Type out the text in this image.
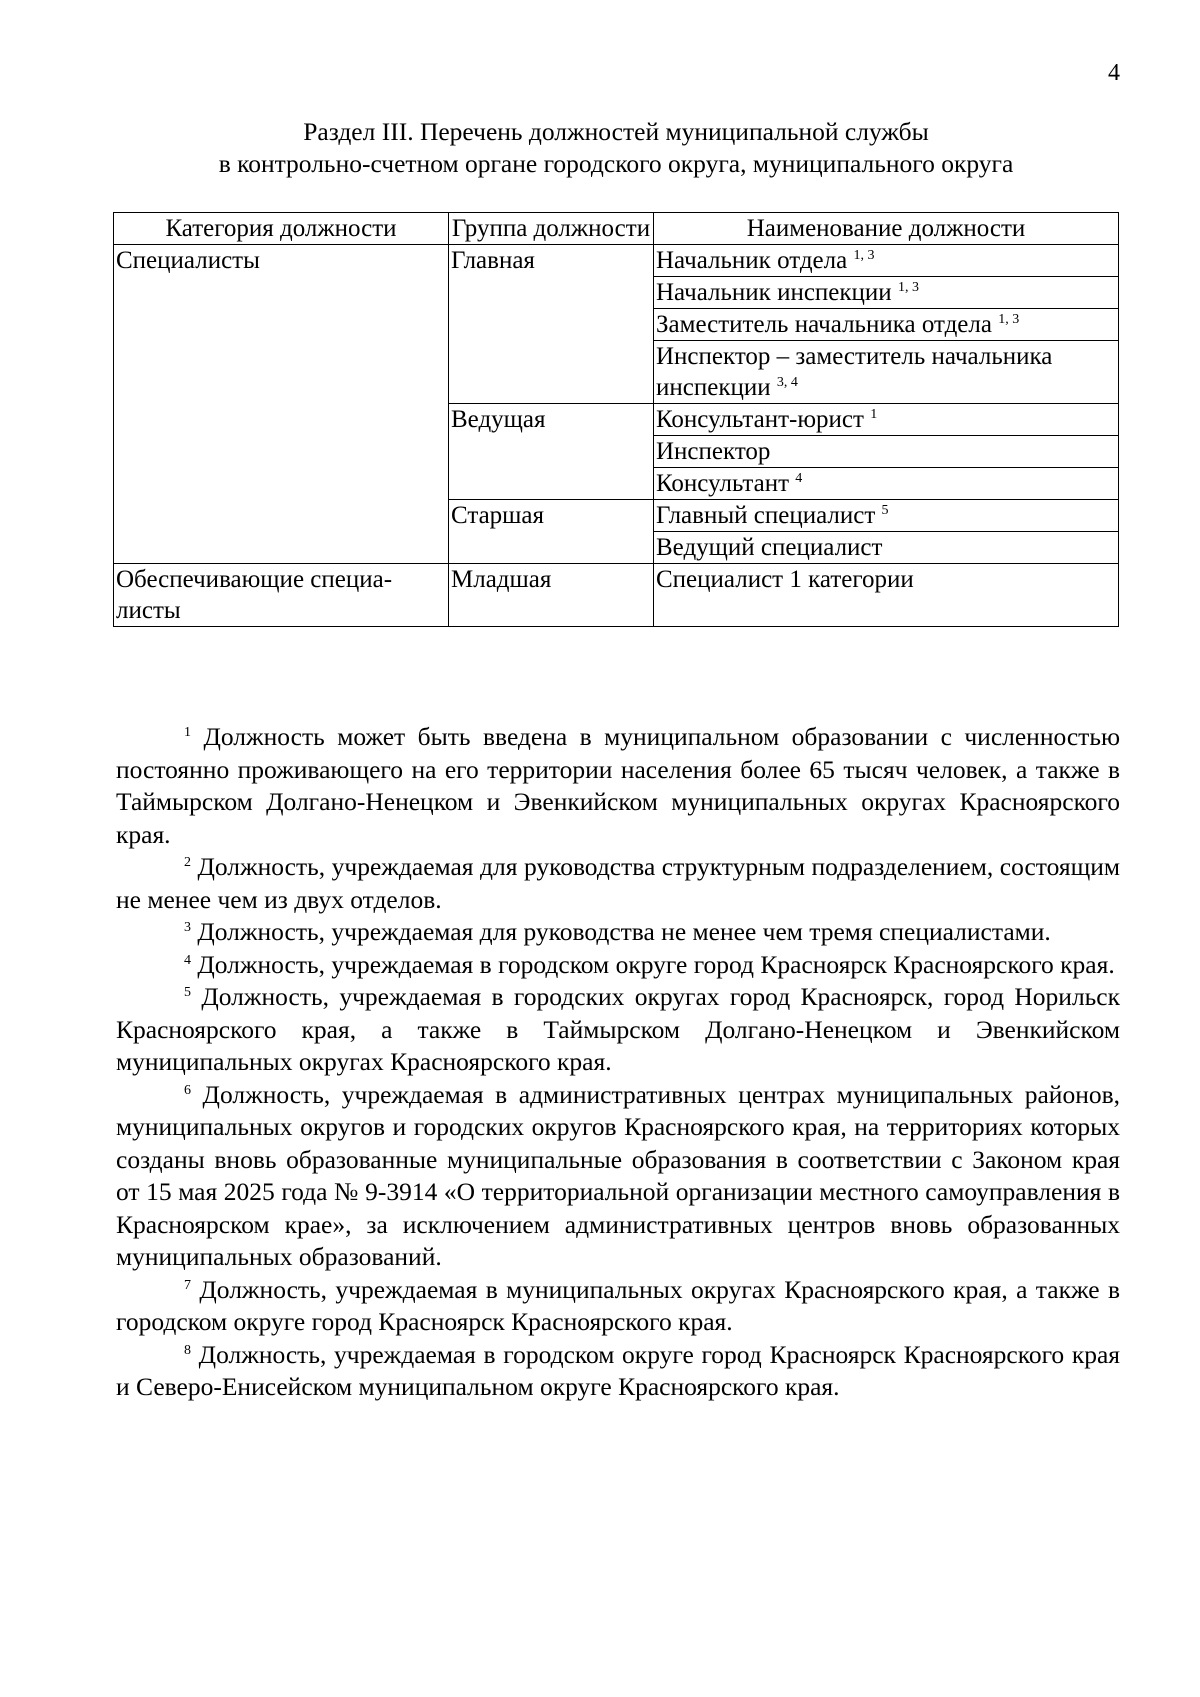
4
Раздел III. Перечень должностей муниципальной службы
в контрольно-счетном органе городского округа, муниципального округа
Категория должности	Группа должности	Наименование должности
Специалисты	Главная	Начальник отдела $^{1, 3}$
		Начальник инспекции $^{1, 3}$
		Заместитель начальника отдела $^{1, 3}$
		Инспектор – заместитель начальника инспекции $^{3, 4}$
	Ведущая	Консультант-юрист $^1$
		Инспектор
		Консультант $^4$
	Старшая	Главный специалист $^5$
		Ведущий специалист
Обеспечивающие специалисты	Младшая	Специалист 1 категории

$^1$ Должность может быть введена в муниципальном образовании с численностью постоянно проживающего на его территории населения более 65 тысяч человек, а также в Таймырском Долгано-Ненецком и Эвенкийском муниципальных округах Красноярского края.

$^2$ Должность, учреждаемая для руководства структурным подразделением, состоящим не менее чем из двух отделов.

$^3$ Должность, учреждаемая для руководства не менее чем тремя специалистами.

$^4$ Должность, учреждаемая в городском округе город Красноярск Красноярского края.

$^5$ Должность, учреждаемая в городских округах город Красноярск, город Норильск Красноярского края, а также в Таймырском Долгано-Ненецком и Эвенкийском муниципальных округах Красноярского края.

$^6$ Должность, учреждаемая в административных центрах муниципальных районов, муниципальных округов и городских округов Красноярского края, на территориях которых созданы вновь образованные муниципальные образования в соответствии с Законом края от 15 мая 2025 года № 9-3914 «О территориальной организации местного самоуправления в Красноярском крае», за исключением административных центров вновь образованных муниципальных образований.

$^7$ Должность, учреждаемая в муниципальных округах Красноярского края, а также в городском округе город Красноярск Красноярского края.

$^8$ Должность, учреждаемая в городском округе город Красноярск Красноярского края и Северо-Енисейском муниципальном округе Красноярского края.
